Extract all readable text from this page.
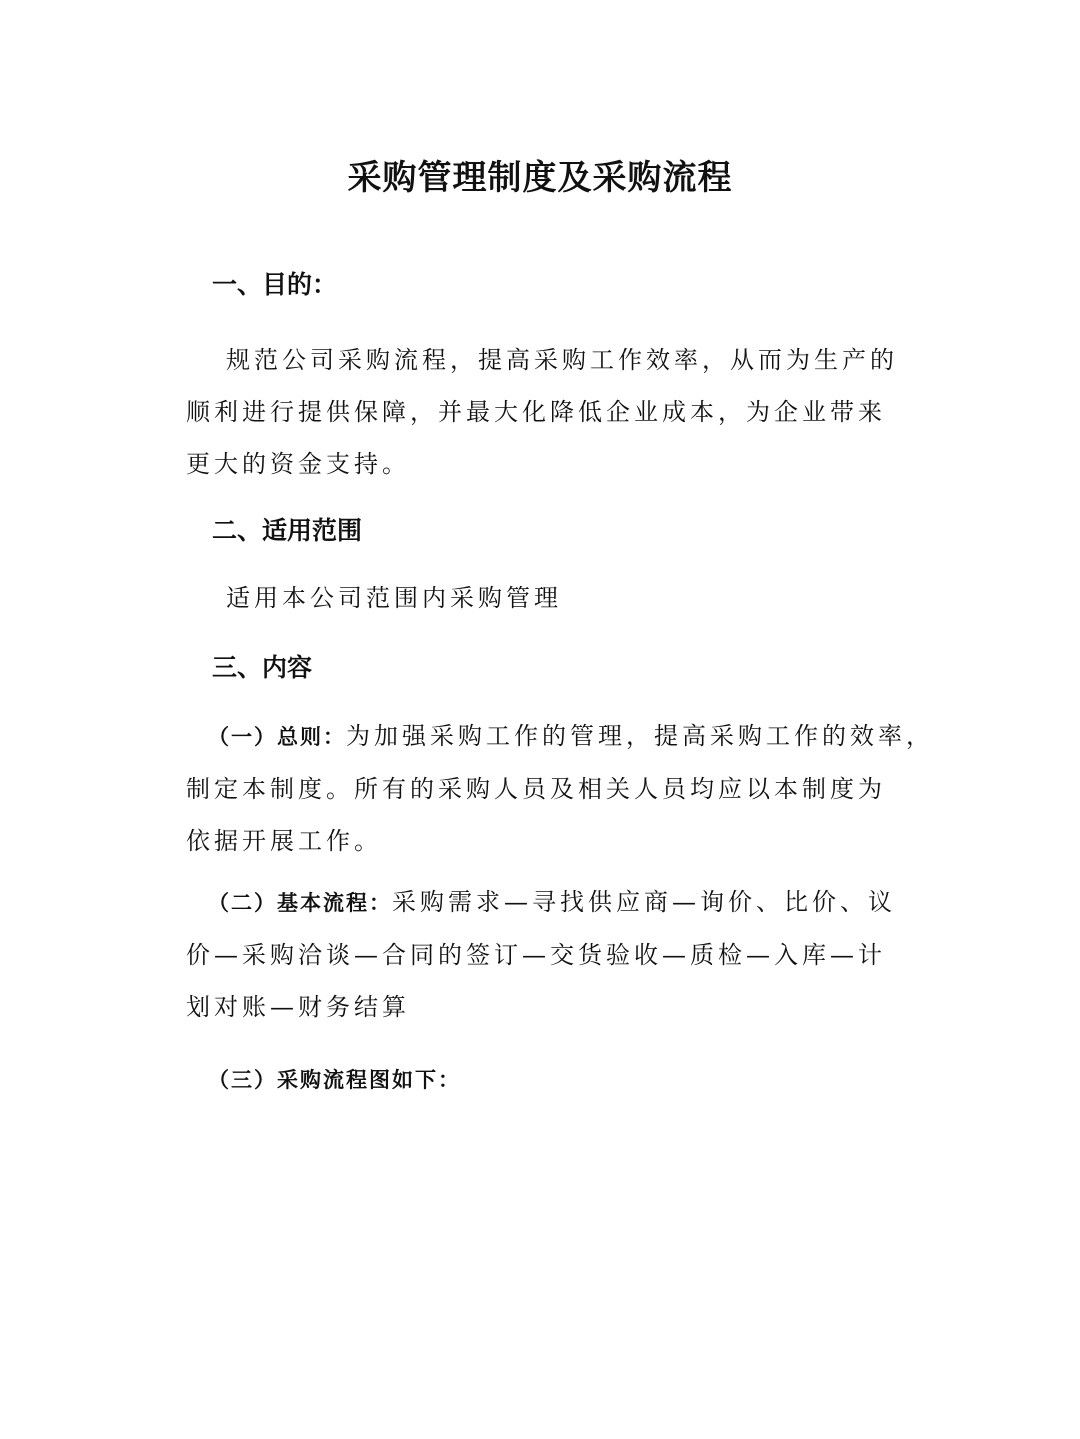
采购管理制度及采购流程
一、目的：
规范公司采购流程，提高采购工作效率，从而为生产的
顺利进行提供保障，并最大化降低企业成本，为企业带来
更大的资金支持。
二、适用范围
适用本公司范围内采购管理
三、内容
（一）总则：为加强采购工作的管理，提高采购工作的效率，
制定本制度。所有的采购人员及相关人员均应以本制度为
依据开展工作。
（二）基本流程：采购需求—寻找供应商—询价、比价、议
价—采购洽谈—合同的签订—交货验收—质检—入库—计
划对账—财务结算
（三）采购流程图如下：
